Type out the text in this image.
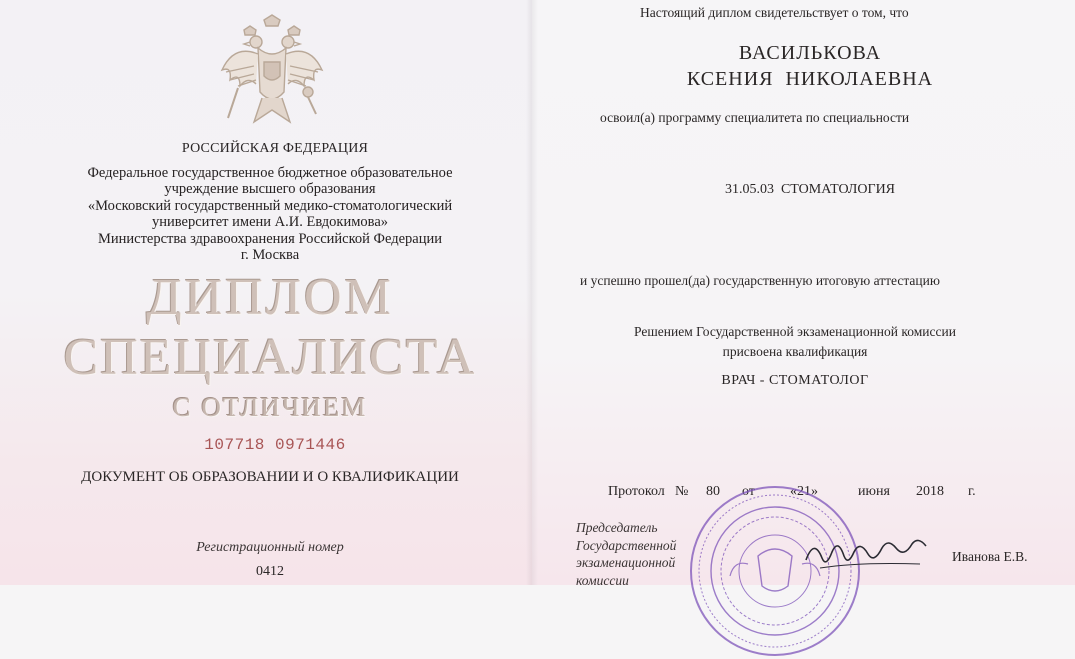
РОССИЙСКАЯ ФЕДЕРАЦИЯ
Федеральное государственное бюджетное образовательное
учреждение высшего образования
«Московский государственный медико-стоматологический
университет имени А.И. Евдокимова»
Министерства здравоохранения Российской Федерации
г. Москва
ДИПЛОМ
СПЕЦИАЛИСТА
С ОТЛИЧИЕМ
107718 0971446
ДОКУМЕНТ ОБ ОБРАЗОВАНИИ И О КВАЛИФИКАЦИИ
Регистрационный номер
0412
Настоящий диплом свидетельствует о том, что
ВАСИЛЬКОВА
КСЕНИЯ  НИКОЛАЕВНА
освоил(а) программу специалитета по специальности
31.05.03  СТОМАТОЛОГИЯ
и успешно прошел(да) государственную итоговую аттестацию
Решением Государственной экзаменационной комиссии
присвоена квалификация
ВРАЧ - СТОМАТОЛОГ
Протокол № 80 от	«21»	июня 2018 г.
Председатель
Государственной
экзаменационной комиссии
Иванова Е.В.
